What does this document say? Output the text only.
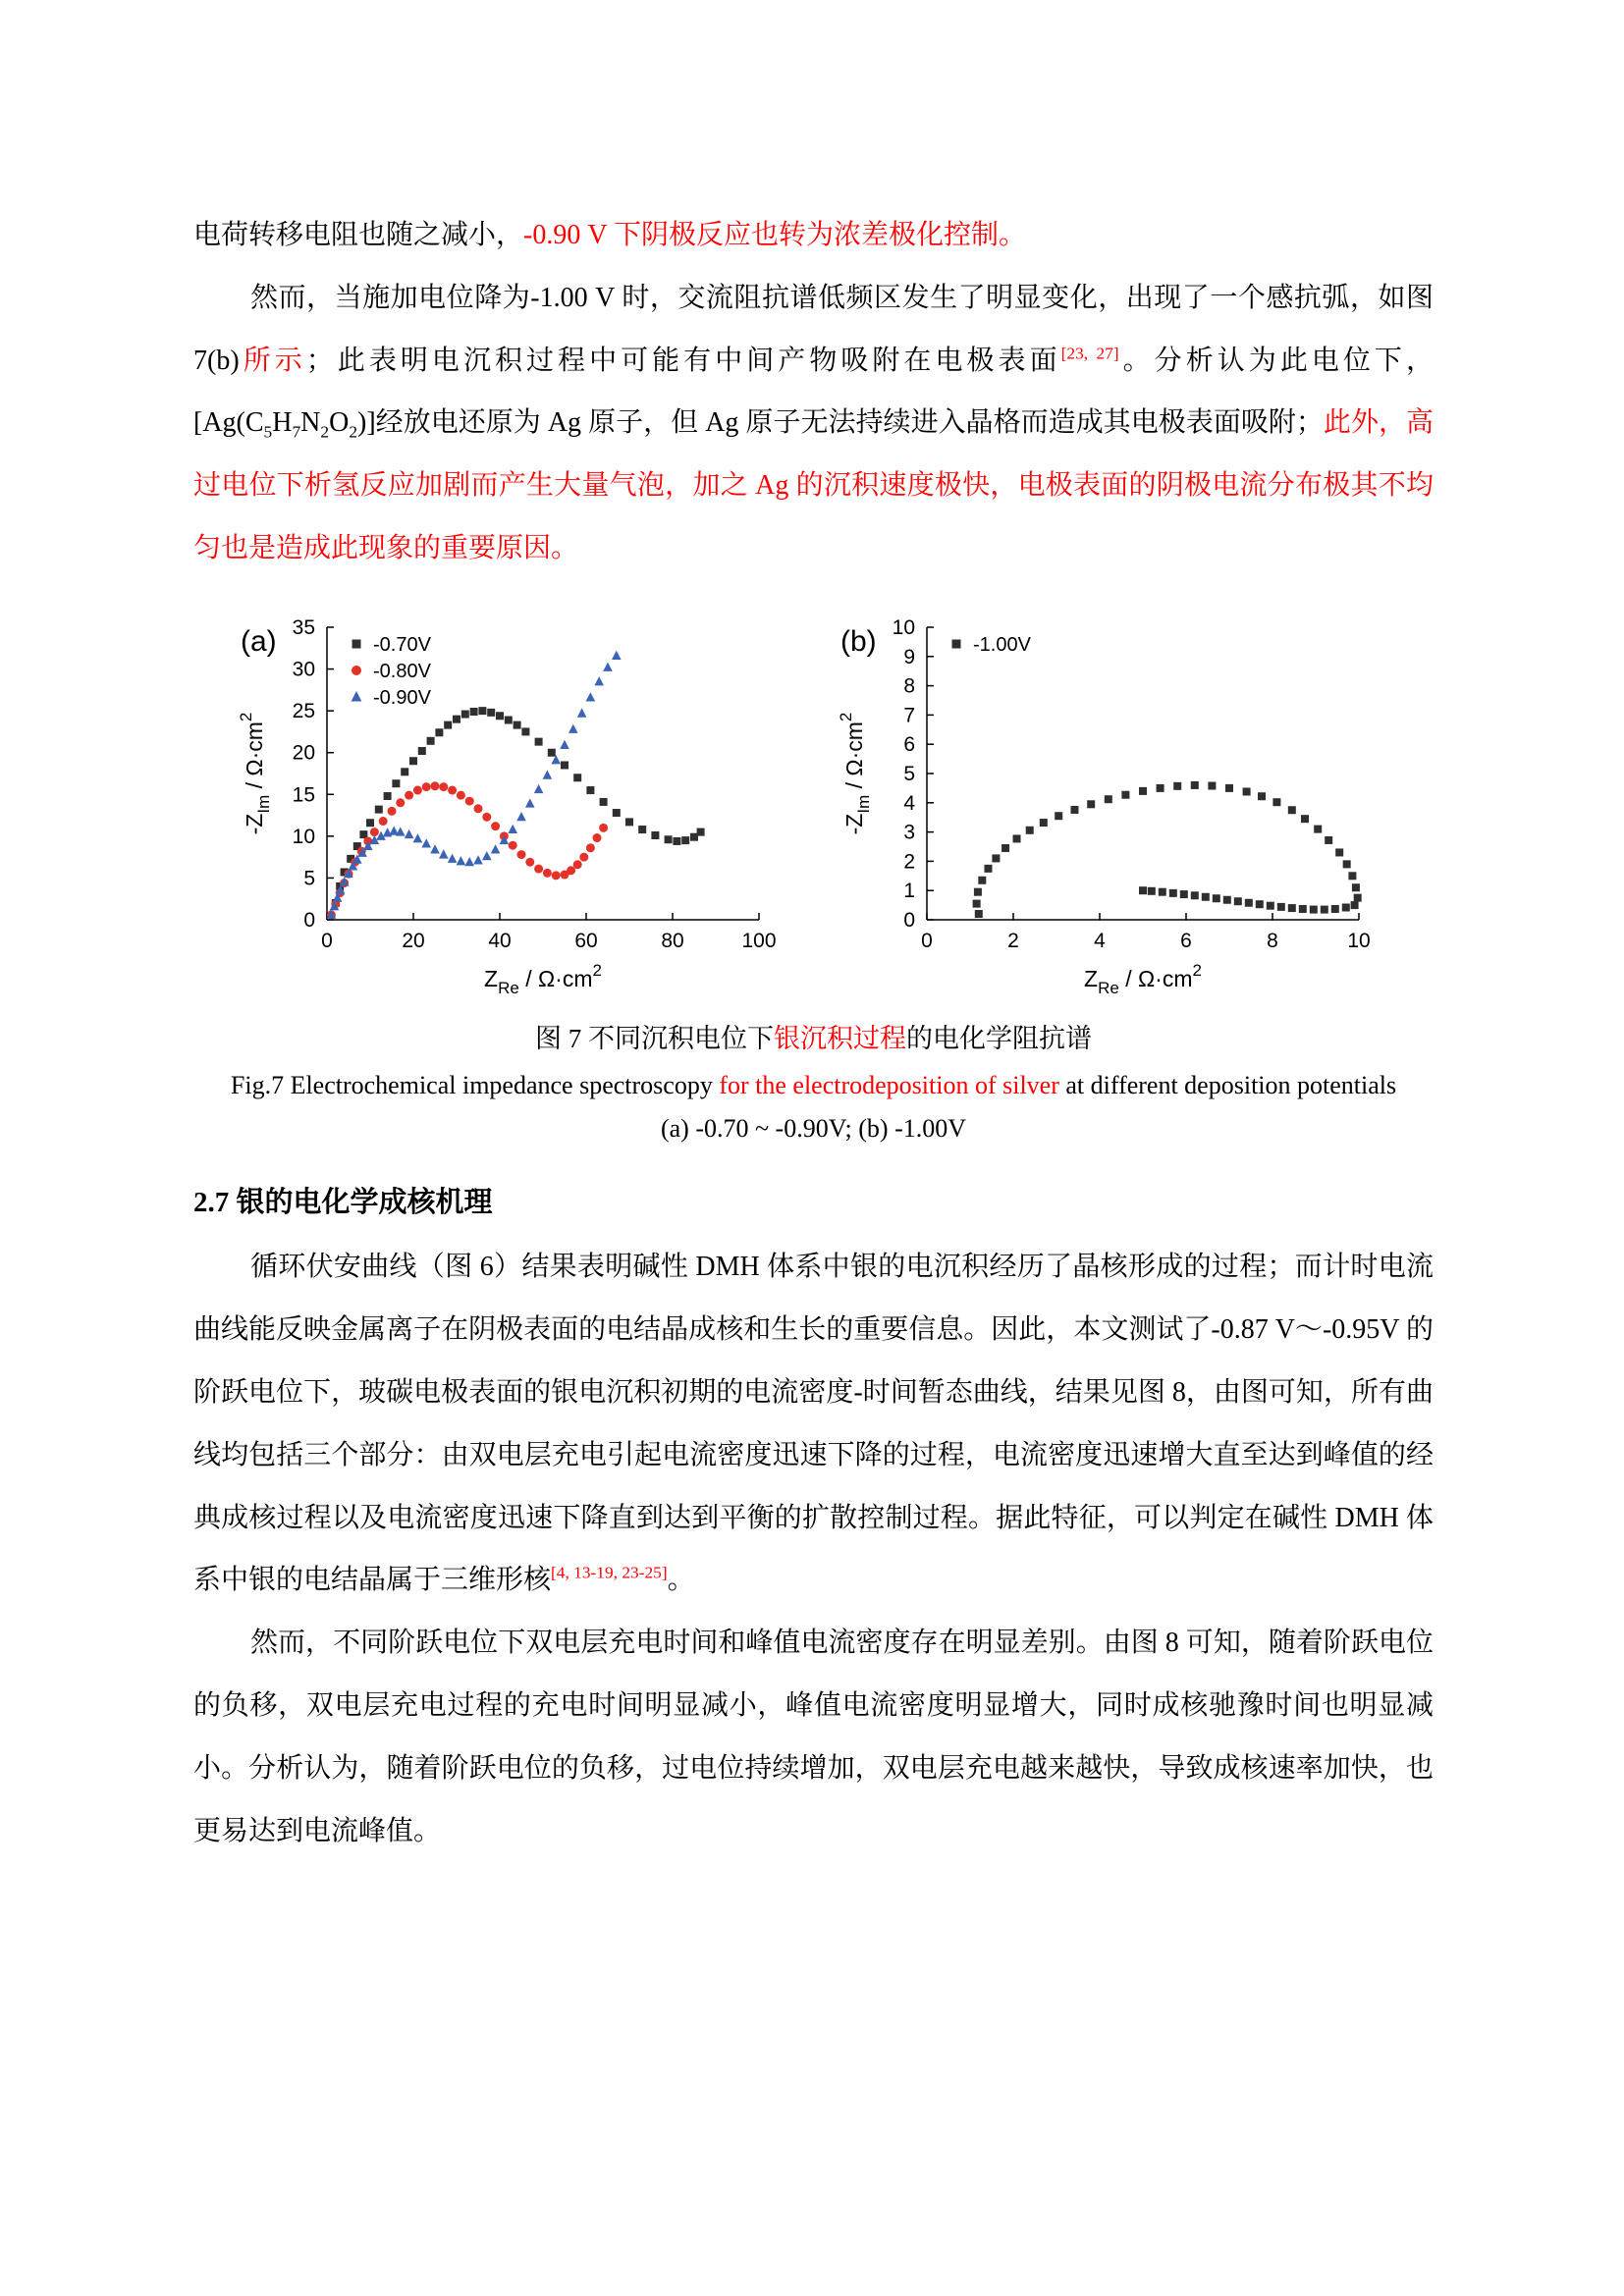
电荷转移电阻也随之减小，-0.90 V 下阴极反应也转为浓差极化控制。

然而，当施加电位降为-1.00 V 时，交流阻抗谱低频区发生了明显变化，出现了一个感抗弧，如图 7(b)所示；此表明电沉积过程中可能有中间产物吸附在电极表面[23, 27]。分析认为此电位下，$[Ag(C_5H_7N_2O_2)]$经放电还原为 Ag 原子，但 Ag 原子无法持续进入晶格而造成其电极表面吸附；此外，高过电位下析氢反应加剧而产生大量气泡，加之 Ag 的沉积速度极快，电极表面的阴极电流分布极其不均匀也是造成此现象的重要原因。

(a)
0	20	40	60	80	100
0
5
10
15
20
25
30
35
ZRe / Ω·cm2
-ZIm / Ω·cm2
-0.70V
-0.80V
-0.90V
(b)
0	2	4	6	8	10
0
1
2
3
4
5
6
7
8
9
10
ZRe / Ω·cm2
-ZIm / Ω·cm2
-1.00V
图 7 不同沉积电位下银沉积过程的电化学阻抗谱
Fig.7 Electrochemical impedance spectroscopy for the electrodeposition of silver at different deposition potentials
(a) -0.70 ~ -0.90V; (b) -1.00V
2.7 银的电化学成核机理

循环伏安曲线（图 6）结果表明碱性 DMH 体系中银的电沉积经历了晶核形成的过程；而计时电流曲线能反映金属离子在阴极表面的电结晶成核和生长的重要信息。因此，本文测试了-0.87 V～-0.95V 的阶跃电位下，玻碳电极表面的银电沉积初期的电流密度-时间暂态曲线，结果见图 8，由图可知，所有曲线均包括三个部分：由双电层充电引起电流密度迅速下降的过程，电流密度迅速增大直至达到峰值的经典成核过程以及电流密度迅速下降直到达到平衡的扩散控制过程。据此特征，可以判定在碱性 DMH 体系中银的电结晶属于三维形核[4, 13-19, 23-25]。

然而，不同阶跃电位下双电层充电时间和峰值电流密度存在明显差别。由图 8 可知，随着阶跃电位的负移，双电层充电过程的充电时间明显减小，峰值电流密度明显增大，同时成核驰豫时间也明显减小。分析认为，随着阶跃电位的负移，过电位持续增加，双电层充电越来越快，导致成核速率加快，也更易达到电流峰值。
